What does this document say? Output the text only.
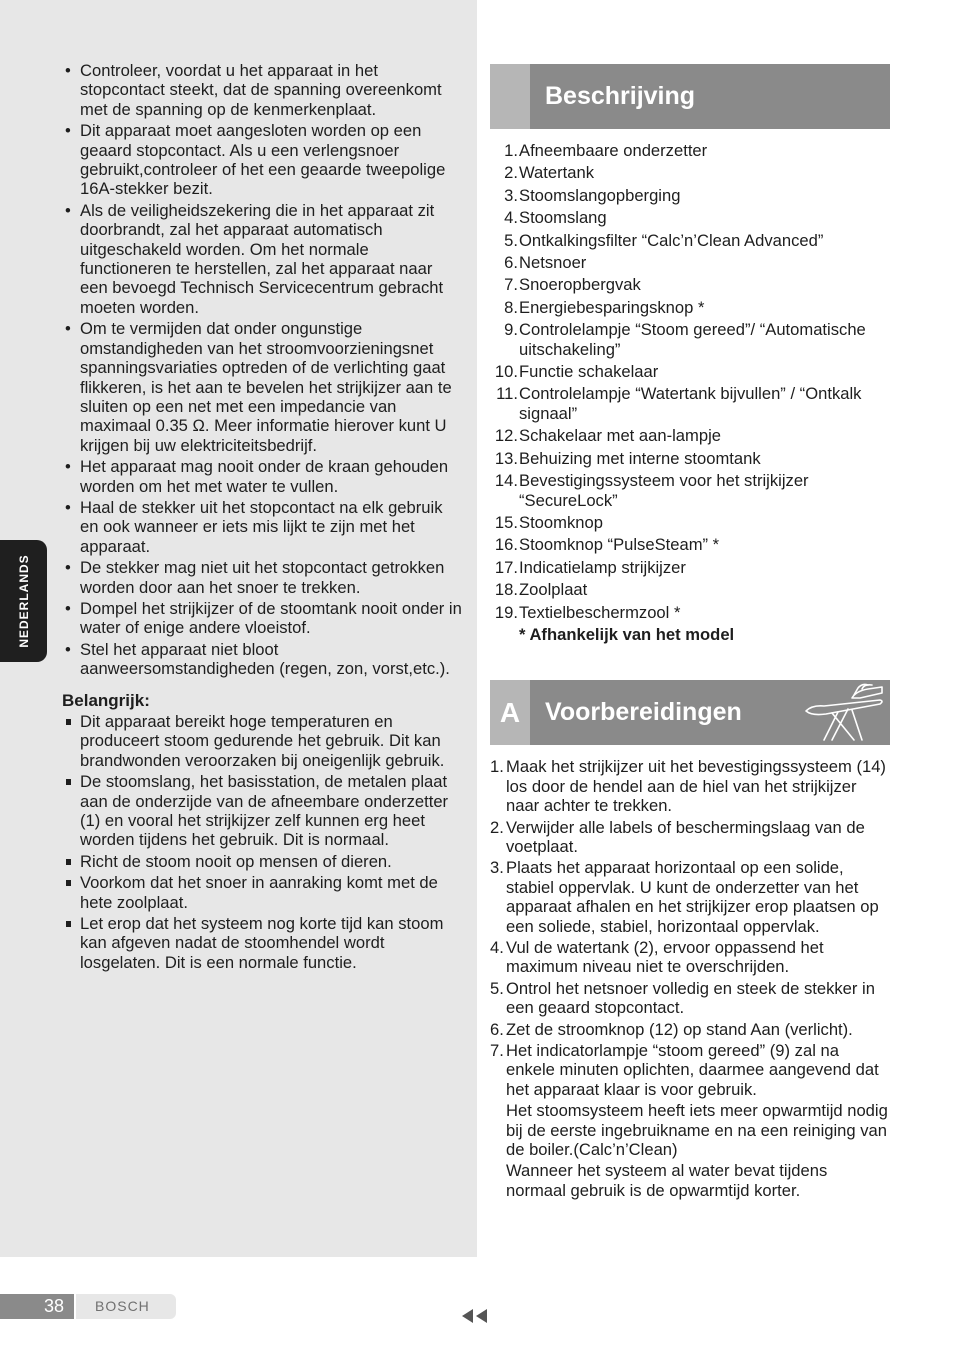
NEDERLANDS
• Controleer, voordat u het apparaat in het stopcontact steekt, dat de spanning overeenkomt met de spanning op de kenmerkenplaat.
• Dit apparaat moet aangesloten worden op een geaard stopcontact. Als u een verlengsnoer gebruikt,controleer of het een geaarde tweepolige 16A-stekker bezit.
• Als de veiligheidszekering die in het apparaat zit doorbrandt, zal het apparaat automatisch uitgeschakeld worden. Om het normale functioneren te herstellen, zal het apparaat naar een bevoegd Technisch Servicecentrum gebracht moeten worden.
• Om te vermijden dat onder ongunstige omstandigheden van het stroomvoorzieningsnet spanningsvariaties optreden of de verlichting gaat flikkeren, is het aan te bevelen het strijkijzer aan te sluiten op een net met een impedancie van maximaal 0.35 Ω. Meer informatie hierover kunt U krijgen bij uw elektriciteitsbedrijf.
• Het apparaat mag nooit onder de kraan gehouden worden om het met water te vullen.
• Haal de stekker uit het stopcontact na elk gebruik en ook wanneer er iets mis lijkt te zijn met het apparaat.
• De stekker mag niet uit het stopcontact getrokken worden door aan het snoer te trekken.
• Dompel het strijkijzer of de stoomtank nooit onder in water of enige andere vloeistof.
• Stel het apparaat niet bloot aanweersomstandigheden (regen, zon, vorst,etc.).
Belangrijk:
Dit apparaat bereikt hoge temperaturen en produceert stoom gedurende het gebruik. Dit kan brandwonden veroorzaken bij oneigenlijk gebruik.
De stoomslang, het basisstation, de metalen plaat aan de onderzijde van de afneembare onderzetter (1) en vooral het strijkijzer zelf kunnen erg heet worden tijdens het gebruik. Dit is normaal.
Richt de stoom nooit op mensen of dieren.
Voorkom dat het snoer in aanraking komt met de hete zoolplaat.
Let erop dat het systeem nog korte tijd kan stoom kan afgeven nadat de stoomhendel wordt losgelaten. Dit is een normale functie.
Beschrijving
1. Afneembaare onderzetter
2. Watertank
3. Stoomslangopberging
4. Stoomslang
5. Ontkalkingsfilter “Calc’n’Clean Advanced”
6. Netsnoer
7. Snoeropbergvak
8. Energiebesparingsknop *
9. Controlelampje “Stoom gereed”/ “Automatische uitschakeling”
10. Functie schakelaar
11. Controlelampje “Watertank bijvullen” / “Ontkalk signaal”
12. Schakelaar met aan-lampje
13. Behuizing met interne stoomtank
14. Bevestigingssysteem voor het strijkijzer “SecureLock”
15. Stoomknop
16. Stoomknop “PulseSteam” *
17. Indicatielamp strijkijzer
18. Zoolplaat
19. Textielbeschermzool *
* Afhankelijk van het model
A Voorbereidingen
1. Maak het strijkijzer uit het bevestigingssysteem (14) los door de hendel aan de hiel van het strijkijzer naar achter te trekken.
2. Verwijder alle labels of beschermingslaag van de voetplaat.
3. Plaats het apparaat horizontaal op een solide, stabiel oppervlak. U kunt de onderzetter van het apparaat afhalen en het strijkijzer erop plaatsen op een soliede, stabiel, horizontaal oppervlak.
4. Vul de watertank (2), ervoor oppassend het maximum niveau niet te overschrijden.
5. Ontrol het netsnoer volledig en steek de stekker in een geaard stopcontact.
6. Zet de stroomknop (12) op stand Aan (verlicht).
7. Het indicatorlampje “stoom gereed” (9) zal na enkele minuten oplichten, daarmee aangevend dat het apparaat klaar is voor gebruik.
Het stoomsysteem heeft iets meer opwarmtijd nodig bij de eerste ingebruikname en na een reiniging van de boiler.(Calc’n’Clean)
Wanneer het systeem al water bevat tijdens normaal gebruik is de opwarmtijd korter.
38 BOSCH
